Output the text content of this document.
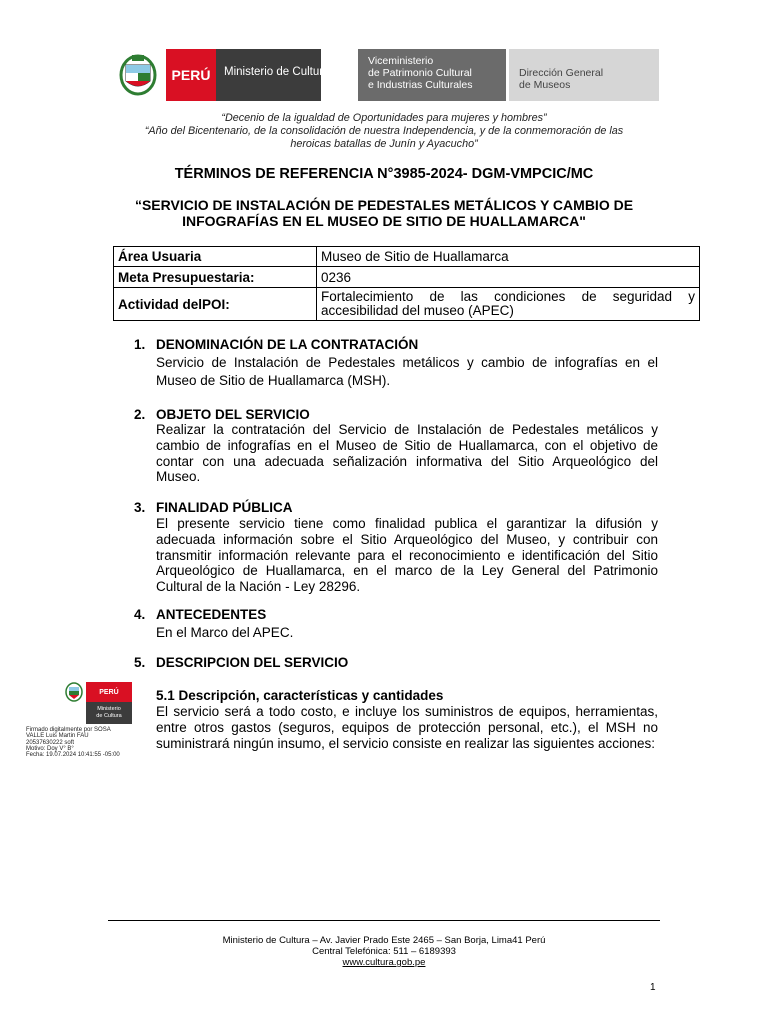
PERÚ	Ministerio de Cultura
Viceministerio
de Patrimonio Cultural
e Industrias Culturales
Dirección General
de Museos
“Decenio de la igualdad de Oportunidades para mujeres y hombres”
“Año del Bicentenario, de la consolidación de nuestra Independencia, y de la conmemoración de las
heroicas batallas de Junín y Ayacucho”
TÉRMINOS DE REFERENCIA N°3985-2024- DGM-VMPCIC/MC
“SERVICIO DE INSTALACIÓN DE PEDESTALES METÁLICOS Y CAMBIO DE
INFOGRAFÍAS EN EL MUSEO DE SITIO DE HUALLAMARCA"
Área Usuaria	Museo de Sitio de Huallamarca
Meta Presupuestaria:	0236
Actividad delPOI:	Fortalecimiento de las condiciones de seguridad y
accesibilidad del museo (APEC)
1. DENOMINACIÓN DE LA CONTRATACIÓN
Servicio de Instalación de Pedestales metálicos y cambio de infografías en el Museo de Sitio de Huallamarca (MSH).
2. OBJETO DEL SERVICIO
Realizar la contratación del Servicio de Instalación de Pedestales metálicos y cambio de infografías en el Museo de Sitio de Huallamarca, con el objetivo de contar con una adecuada señalización informativa del Sitio Arqueológico del Museo.
3. FINALIDAD PÚBLICA
El presente servicio tiene como finalidad publica el garantizar la difusión y adecuada información sobre el Sitio Arqueológico del Museo, y contribuir con transmitir información relevante para el reconocimiento e identificación del Sitio Arqueológico de Huallamarca, en el marco de la Ley General del Patrimonio Cultural de la Nación - Ley 28296.
4. ANTECEDENTES
En el Marco del APEC.
5. DESCRIPCION DEL SERVICIO
5.1 Descripción, características y cantidades
El servicio será a todo costo, e incluye los suministros de equipos, herramientas, entre otros gastos (seguros, equipos de protección personal, etc.), el MSH no suministrará ningún insumo, el servicio consiste en realizar las siguientes acciones:
PERÚ
Ministerio
de Cultura
Firmado digitalmente por SOSA
VALLE Luis Martin FAU
20537630222 soft
Motivo: Doy V° B°
Fecha: 19.07.2024 10:41:55 -05:00
Ministerio de Cultura – Av. Javier Prado Este 2465 – San Borja, Lima41 Perú
Central Telefónica: 511 – 6189393
www.cultura.gob.pe
1
